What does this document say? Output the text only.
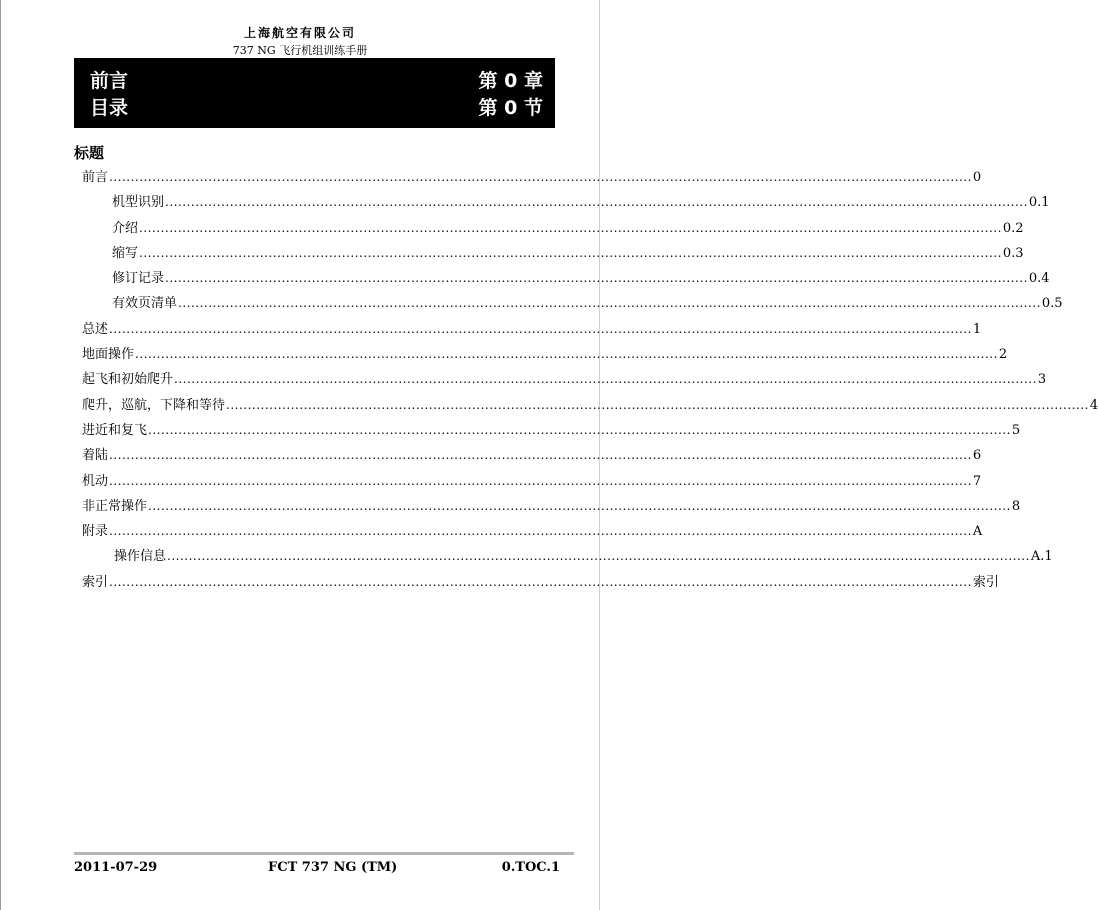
上海航空有限公司
737 NG 飞行机组训练手册
前言	第 0 章
目录	第 0 节
标题
前言 ........................................................................................................................................................................................................ 0
机型识别 ........................................................................................................................................................................................................ 0.1
介绍 ........................................................................................................................................................................................................ 0.2
缩写 ........................................................................................................................................................................................................ 0.3
修订记录 ........................................................................................................................................................................................................ 0.4
有效页清单 ........................................................................................................................................................................................................ 0.5
总述 ........................................................................................................................................................................................................ 1
地面操作 ........................................................................................................................................................................................................ 2
起飞和初始爬升 ........................................................................................................................................................................................................ 3
爬升，巡航，下降和等待 ........................................................................................................................................................................................................ 4
进近和复飞 ........................................................................................................................................................................................................ 5
着陆 ........................................................................................................................................................................................................ 6
机动 ........................................................................................................................................................................................................ 7
非正常操作 ........................................................................................................................................................................................................ 8
附录 ........................................................................................................................................................................................................ A
操作信息 ........................................................................................................................................................................................................ A.1
索引 ........................................................................................................................................................................................................ 索引
2011-07-29	FCT 737 NG (TM)	0.TOC.1
